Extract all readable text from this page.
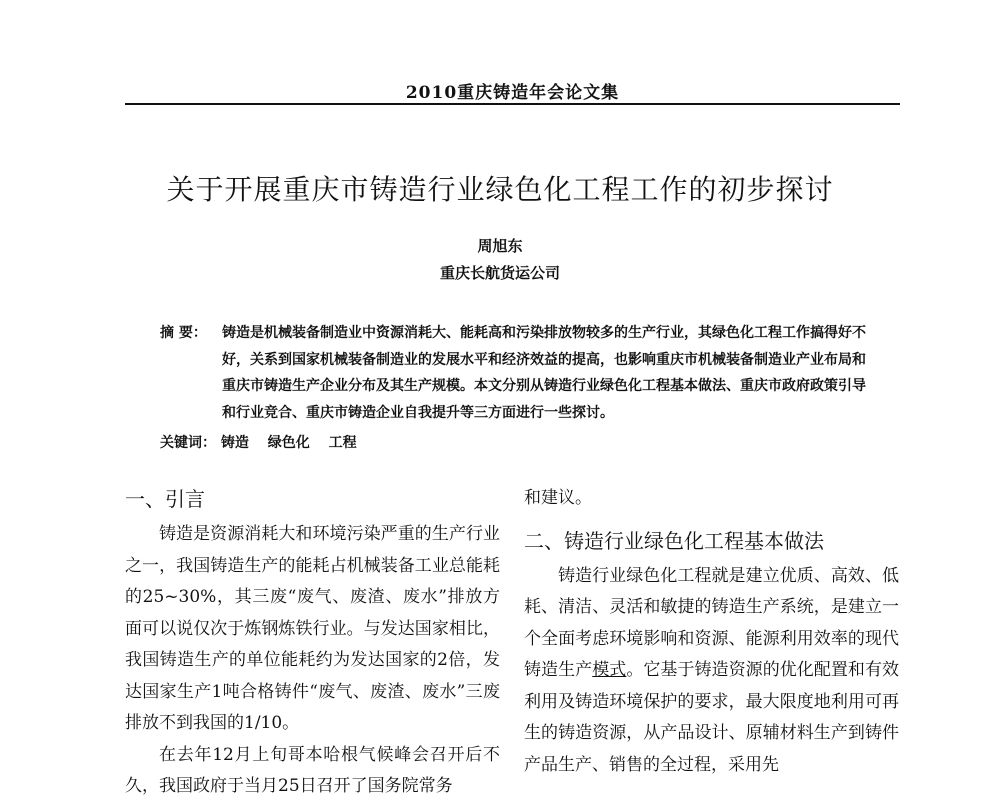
2010重庆铸造年会论文集
关于开展重庆市铸造行业绿色化工程工作的初步探讨
周旭东
重庆长航货运公司
摘 要：	铸造是机械装备制造业中资源消耗大、能耗高和污染排放物较多的生产行业，其绿色化工程工作搞得好不好，关系到国家机械装备制造业的发展水平和经济效益的提高，也影响重庆市机械装备制造业产业布局和重庆市铸造生产企业分布及其生产规模。本文分别从铸造行业绿色化工程基本做法、重庆市政府政策引导和行业竞合、重庆市铸造企业自我提升等三方面进行一些探讨。
关键词： 铸造 绿色化 工程
一、引言

铸造是资源消耗大和环境污染严重的生产行业之一，我国铸造生产的能耗占机械装备工业总能耗的25~30%，其三废“废气、废渣、废水”排放方面可以说仅次于炼钢炼铁行业。与发达国家相比，我国铸造生产的单位能耗约为发达国家的2倍，发达国家生产1吨合格铸件“废气、废渣、废水”三废排放不到我国的1/10。

在去年12月上旬哥本哈根气候峰会召开后不久，我国政府于当月25日召开了国务院常务

和建议。

二、铸造行业绿色化工程基本做法

铸造行业绿色化工程就是建立优质、高效、低耗、清洁、灵活和敏捷的铸造生产系统，是建立一个全面考虑环境影响和资源、能源利用效率的现代铸造生产模式。它基于铸造资源的优化配置和有效利用及铸造环境保护的要求，最大限度地利用可再生的铸造资源，从产品设计、原辅材料生产到铸件产品生产、销售的全过程，采用先
